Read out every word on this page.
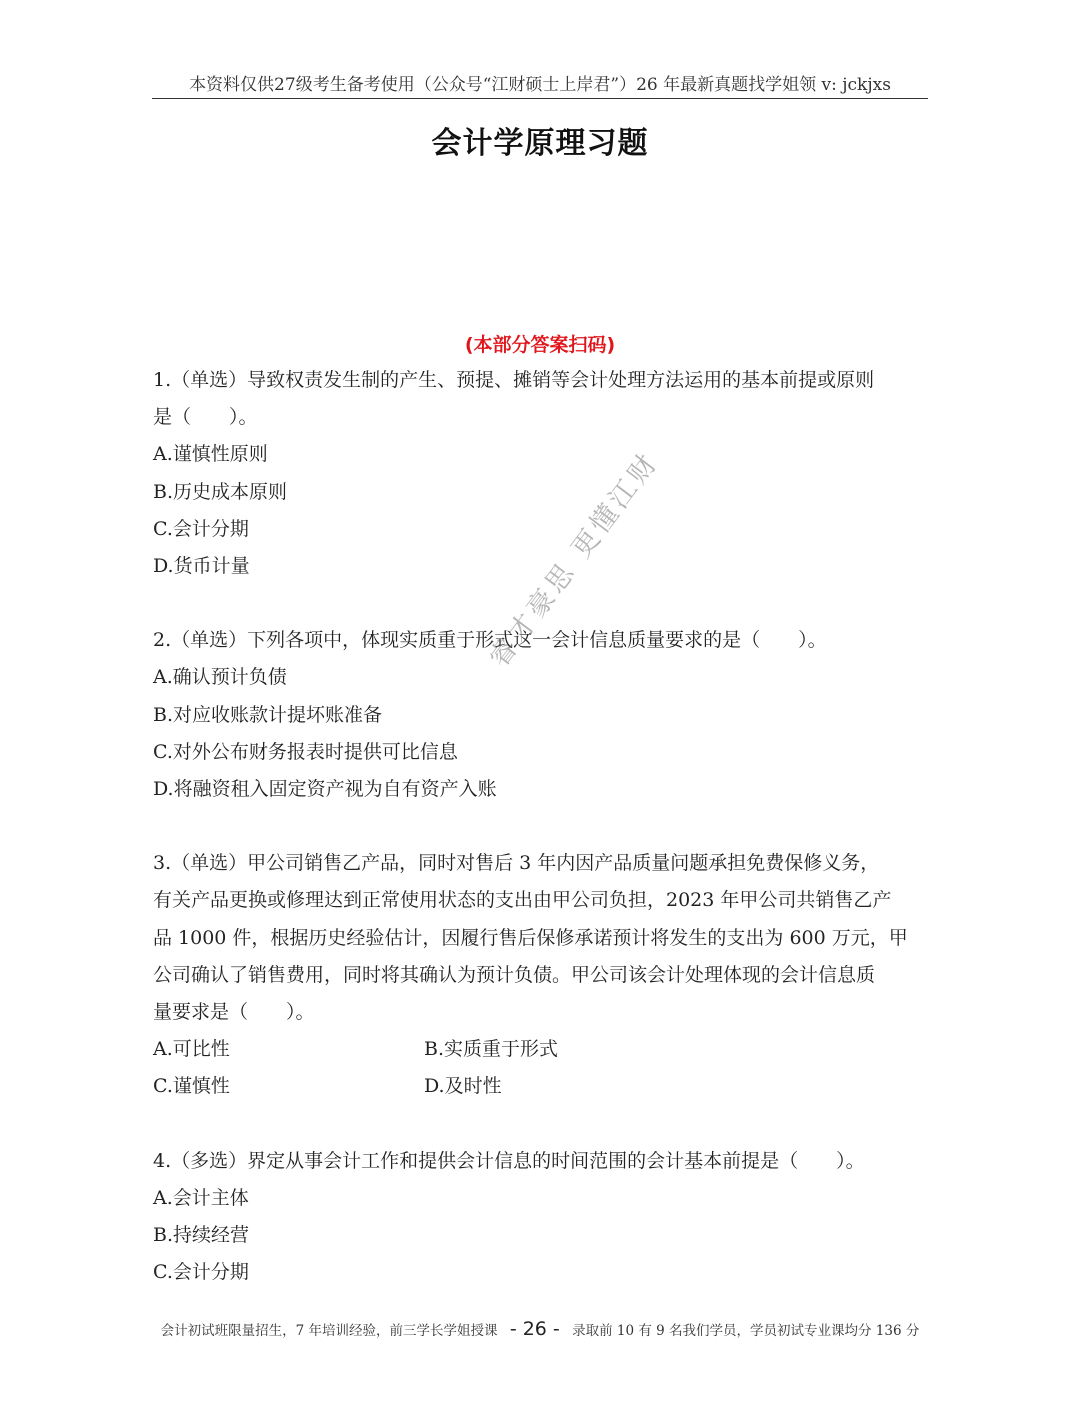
本资料仅供27级考生备考使用（公众号“江财硕士上岸君”）26 年最新真题找学姐领 v: jckjxs
会计学原理习题
(本部分答案扫码)
1.（单选）导致权责发生制的产生、预提、摊销等会计处理方法运用的基本前提或原则
是（　　）。
A.谨慎性原则
B.历史成本原则
C.会计分期
D.货币计量
2.（单选）下列各项中，体现实质重于形式这一会计信息质量要求的是（　　）。
A.确认预计负债
B.对应收账款计提坏账准备
C.对外公布财务报表时提供可比信息
D.将融资租入固定资产视为自有资产入账
3.（单选）甲公司销售乙产品，同时对售后 3 年内因产品质量问题承担免费保修义务，
有关产品更换或修理达到正常使用状态的支出由甲公司负担，2023 年甲公司共销售乙产
品 1000 件，根据历史经验估计，因履行售后保修承诺预计将发生的支出为 600 万元，甲
公司确认了销售费用，同时将其确认为预计负债。甲公司该会计处理体现的会计信息质
量要求是（　　）。
A.可比性	B.实质重于形式
C.谨慎性	D.及时性
4.（多选）界定从事会计工作和提供会计信息的时间范围的会计基本前提是（　　）。
A.会计主体
B.持续经营
C.会计分期
睿才豪思 更懂江财
会计初试班限量招生，7 年培训经验，前三学长学姐授课 - 26 - 录取前 10 有 9 名我们学员，学员初试专业课均分 136 分
